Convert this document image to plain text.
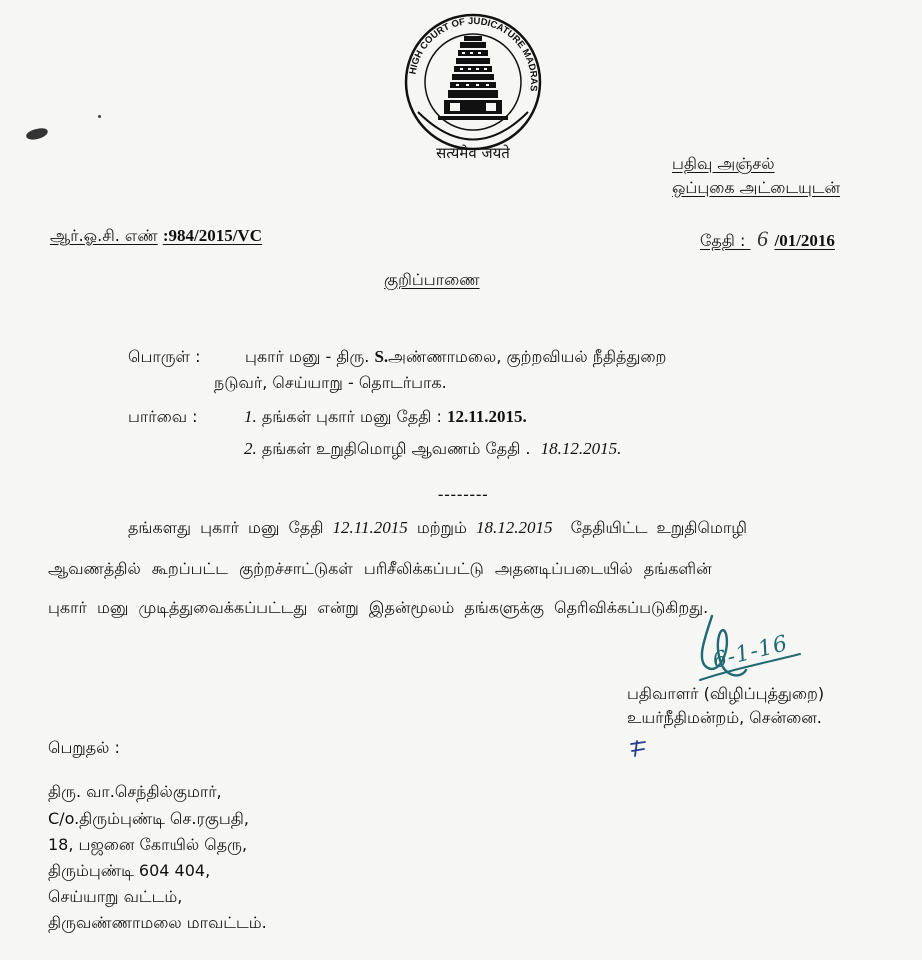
HIGH COURT OF JUDICATURE MADRAS
सत्यमेव जयते
பதிவு அஞ்சல்
ஒப்புகை அட்டையுடன்
ஆர்.ஓ.சி. எண் :984/2015/VC	தேதி : 6 /01/2016
குறிப்பாணை
பொருள் :	புகார் மனு - திரு. S.அண்ணாமலை, குற்றவியல் நீதித்துறை
நடுவர், செய்யாறு - தொடர்பாக.
பார்வை :	1. தங்கள் புகார் மனு தேதி : 12.11.2015.
2. தங்கள் உறுதிமொழி ஆவணம் தேதி . 18.12.2015.
--------
தங்களது புகார் மனு தேதி 12.11.2015 மற்றும் 18.12.2015 தேதியிட்ட உறுதிமொழி
ஆவணத்தில் கூறப்பட்ட குற்றச்சாட்டுகள் பரிசீலிக்கப்பட்டு அதனடிப்படையில் தங்களின்
புகார் மனு முடித்துவைக்கப்பட்டது என்று இதன்மூலம் தங்களுக்கு தெரிவிக்கப்படுகிறது.
6-1-16
பதிவாளர் (விழிப்புத்துறை)
உயர்நீதிமன்றம், சென்னை.
பெறுதல் :
திரு. வா.செந்தில்குமார்,
C/o.திரும்புண்டி செ.ரகுபதி,
18, பஜனை கோயில் தெரு,
திரும்புண்டி 604 404,
செய்யாறு வட்டம்,
திருவண்ணாமலை மாவட்டம்.
